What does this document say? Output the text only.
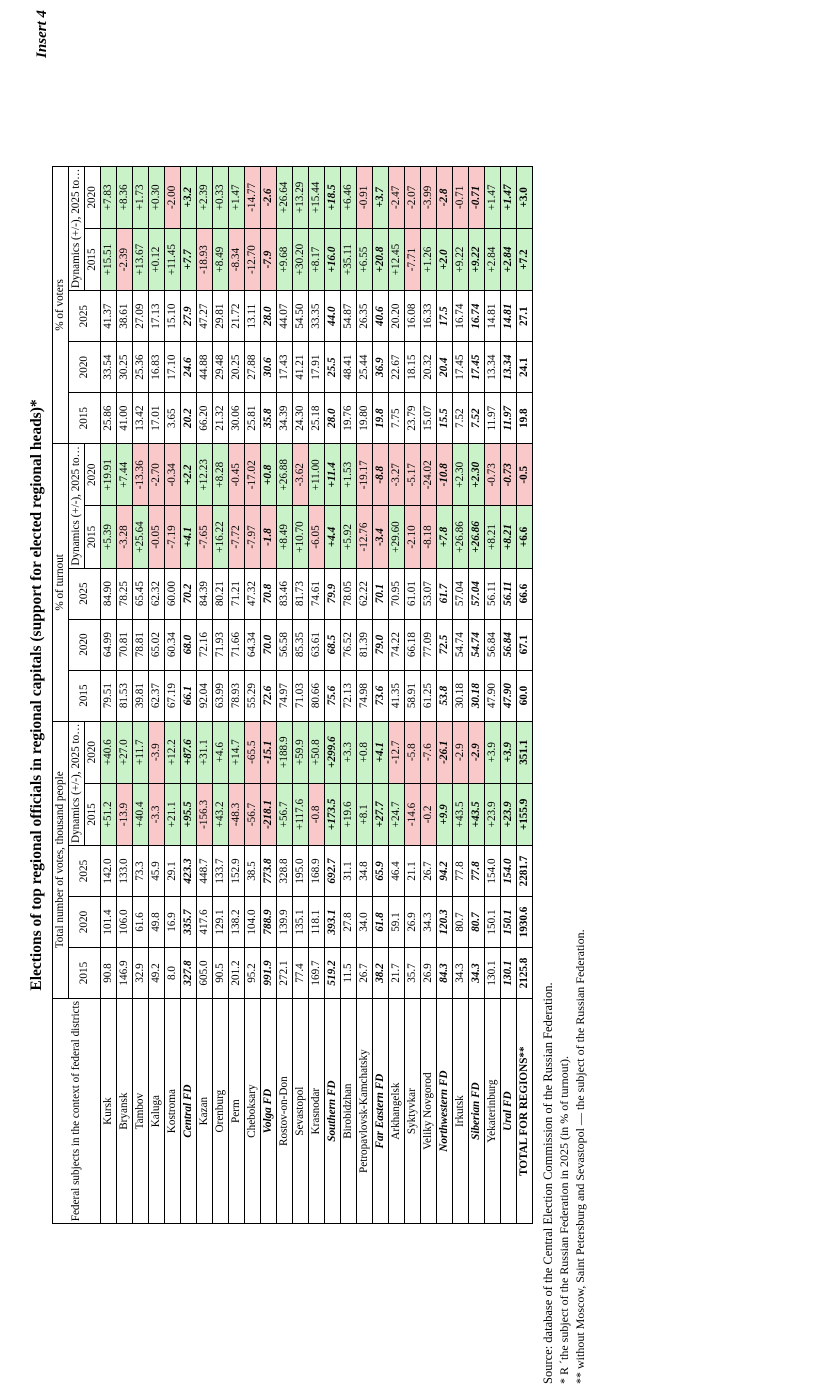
Insert 4
Elections of top regional officials in regional capitals (support for elected regional heads)*
Federal subjects in the context of federal districts	Total number of votes, thousand people					% of turnout					% of voters				
	2015	2020	2025	Dynamics (+/-), 2025 to…		2015	2020	2025	Dynamics (+/-), 2025 to…		2015	2020	2025	Dynamics (+/-), 2025 to…	
				2015	2020				2015	2020				2015	2020
Kursk	90.8	101.4	142.0	+51.2	+40.6	79.51	64.99	84.90	+5.39	+19.91	25.86	33.54	41.37	+15.51	+7.83
Bryansk	146.9	106.0	133.0	-13.9	+27.0	81.53	70.81	78.25	-3.28	+7.44	41.00	30.25	38.61	-2.39	+8.36
Tambov	32.9	61.6	73.3	+40.4	+11.7	39.81	78.81	65.45	+25.64	-13.36	13.42	25.36	27.09	+13.67	+1.73
Kaluga	49.2	49.8	45.9	-3.3	-3.9	62.37	65.02	62.32	-0.05	-2.70	17.01	16.83	17.13	+0.12	+0.30
Kostroma	8.0	16.9	29.1	+21.1	+12.2	67.19	60.34	60.00	-7.19	-0.34	3.65	17.10	15.10	+11.45	-2.00
Central FD	327.8	335.7	423.3	+95.5	+87.6	66.1	68.0	70.2	+4.1	+2.2	20.2	24.6	27.9	+7.7	+3.2
Kazan	605.0	417.6	448.7	-156.3	+31.1	92.04	72.16	84.39	-7.65	+12.23	66.20	44.88	47.27	-18.93	+2.39
Orenburg	90.5	129.1	133.7	+43.2	+4.6	63.99	71.93	80.21	+16.22	+8.28	21.32	29.48	29.81	+8.49	+0.33
Perm	201.2	138.2	152.9	-48.3	+14.7	78.93	71.66	71.21	-7.72	-0.45	30.06	20.25	21.72	-8.34	+1.47
Cheboksary	95.2	104.0	38.5	-56.7	-65.5	55.29	64.34	47.32	-7.97	-17.02	25.81	27.88	13.11	-12.70	-14.77
Volga FD	991.9	788.9	773.8	-218.1	-15.1	72.6	70.0	70.8	-1.8	+0.8	35.8	30.6	28.0	-7.9	-2.6
Rostov-on-Don	272.1	139.9	328.8	+56.7	+188.9	74.97	56.58	83.46	+8.49	+26.88	34.39	17.43	44.07	+9.68	+26.64
Sevastopol	77.4	135.1	195.0	+117.6	+59.9	71.03	85.35	81.73	+10.70	-3.62	24.30	41.21	54.50	+30.20	+13.29
Krasnodar	169.7	118.1	168.9	-0.8	+50.8	80.66	63.61	74.61	-6.05	+11.00	25.18	17.91	33.35	+8.17	+15.44
Southern FD	519.2	393.1	692.7	+173.5	+299.6	75.6	68.5	79.9	+4.4	+11.4	28.0	25.5	44.0	+16.0	+18.5
Birobidzhan	11.5	27.8	31.1	+19.6	+3.3	72.13	76.52	78.05	+5.92	+1.53	19.76	48.41	54.87	+35.11	+6.46
Petropavlovsk-Kamchatsky	26.7	34.0	34.8	+8.1	+0.8	74.98	81.39	62.22	-12.76	-19.17	19.80	25.44	26.35	+6.55	-0.91
Far Eastern FD	38.2	61.8	65.9	+27.7	+4.1	73.6	79.0	70.1	-3.4	-8.8	19.8	36.9	40.6	+20.8	+3.7
Arkhangelsk	21.7	59.1	46.4	+24.7	-12.7	41.35	74.22	70.95	+29.60	-3.27	7.75	22.67	20.20	+12.45	-2.47
Syktyvkar	35.7	26.9	21.1	-14.6	-5.8	58.91	66.18	61.01	-2.10	-5.17	23.79	18.15	16.08	-7.71	-2.07
Veliky Novgorod	26.9	34.3	26.7	-0.2	-7.6	61.25	77.09	53.07	-8.18	-24.02	15.07	20.32	16.33	+1.26	-3.99
Northwestern FD	84.3	120.3	94.2	+9.9	-26.1	53.8	72.5	61.7	+7.8	-10.8	15.5	20.4	17.5	+2.0	-2.8
Irkutsk	34.3	80.7	77.8	+43.5	-2.9	30.18	54.74	57.04	+26.86	+2.30	7.52	17.45	16.74	+9.22	-0.71
Siberian FD	34.3	80.7	77.8	+43.5	-2.9	30.18	54.74	57.04	+26.86	+2.30	7.52	17.45	16.74	+9.22	-0.71
Yekaterinburg	130.1	150.1	154.0	+23.9	+3.9	47.90	56.84	56.11	+8.21	-0.73	11.97	13.34	14.81	+2.84	+1.47
Ural FD	130.1	150.1	154.0	+23.9	+3.9	47.90	56.84	56.11	+8.21	-0.73	11.97	13.34	14.81	+2.84	+1.47
TOTAL FOR REGIONS**	2125.8	1930.6	2281.7	+155.9	351.1	60.0	67.1	66.6	+6.6	-0.5	19.8	24.1	27.1	+7.2	+3.0
Source: database of the Central Election Commission of the Russian Federation. * R ´the subject of the Russian Federation in 2025 (in % of turnout). ** without Moscow, Saint Petersburg and Sevastopol — the subject of the Russian Federation.
